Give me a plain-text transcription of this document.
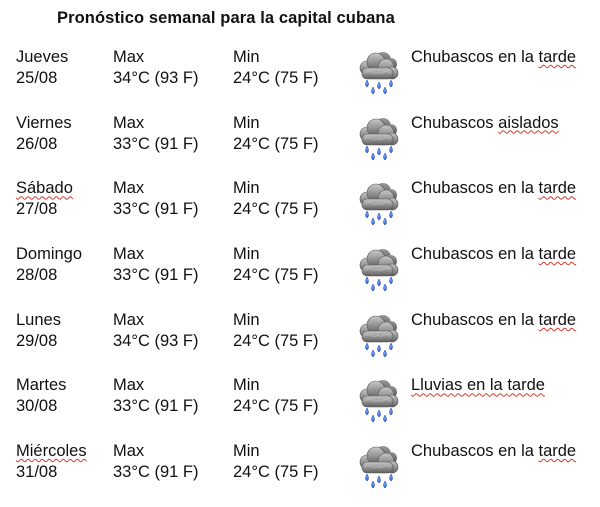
Pronóstico semanal para la capital cubana
Jueves
25/08
Max
34°C (93 F)
Min
24°C (75 F)
Chubascos en la tarde
Viernes
26/08
Max
33°C (91 F)
Min
24°C (75 F)
Chubascos aislados
Sábado
27/08
Max
33°C (91 F)
Min
24°C (75 F)
Chubascos en la tarde
Domingo
28/08
Max
33°C (91 F)
Min
24°C (75 F)
Chubascos en la tarde
Lunes
29/08
Max
34°C (93 F)
Min
24°C (75 F)
Chubascos en la tarde
Martes
30/08
Max
33°C (91 F)
Min
24°C (75 F)
Lluvias en la tarde
Miércoles
31/08
Max
33°C (91 F)
Min
24°C (75 F)
Chubascos en la tarde
